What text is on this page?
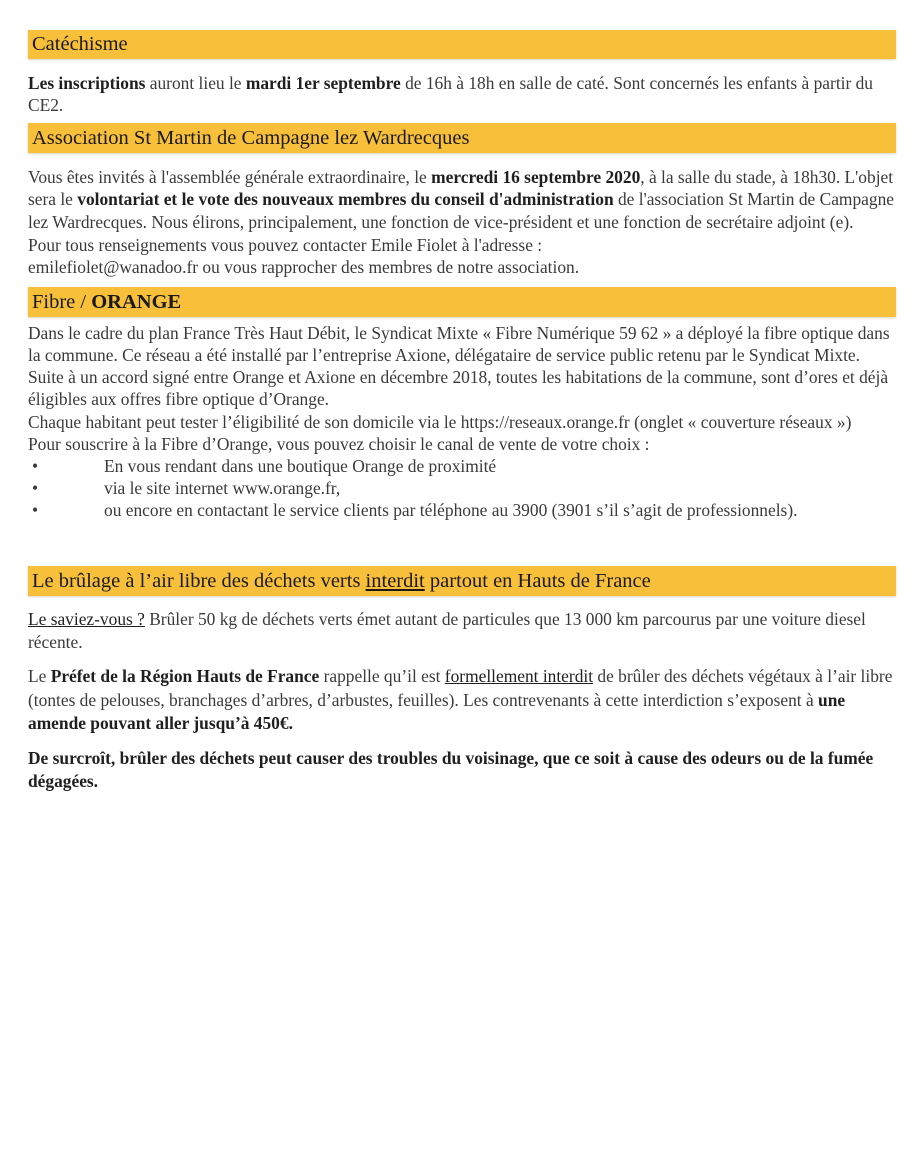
Catéchisme

Les inscriptions auront lieu le mardi 1er septembre de 16h à 18h en salle de caté. Sont concernés les enfants à partir du CE2.

Association St Martin de Campagne lez Wardrecques

Vous êtes invités à l'assemblée générale extraordinaire, le mercredi 16 septembre 2020, à la salle du stade, à 18h30. L'objet sera le volontariat et le vote des nouveaux membres du conseil d'administration de l'association St Martin de Campagne lez Wardrecques. Nous élirons, principalement, une fonction de vice-président et une fonction de secrétaire adjoint (e).

Pour tous renseignements vous pouvez contacter Emile Fiolet à l'adresse :

emilefiolet@wanadoo.fr ou vous rapprocher des membres de notre association.

Fibre / ORANGE

Dans le cadre du plan France Très Haut Débit, le Syndicat Mixte « Fibre Numérique 59 62 » a déployé la fibre optique dans la commune. Ce réseau a été installé par l’entreprise Axione, délégataire de service public retenu par le Syndicat Mixte.

Suite à un accord signé entre Orange et Axione en décembre 2018, toutes les habitations de la commune, sont d’ores et déjà éligibles aux offres fibre optique d’Orange.

Chaque habitant peut tester l’éligibilité de son domicile via le https://reseaux.orange.fr (onglet « couverture réseaux »)

Pour souscrire à la Fibre d’Orange, vous pouvez choisir le canal de vente de votre choix :

•	En vous rendant dans une boutique Orange de proximité
•	via le site internet www.orange.fr,

•	ou encore en contactant le service clients par téléphone au 3900 (3901 s’il s’agit de professionnels).

Le brûlage à l’air libre des déchets verts interdit partout en Hauts de France

Le saviez-vous ? Brûler 50 kg de déchets verts émet autant de particules que 13 000 km parcourus par une voiture diesel récente.

Le Préfet de la Région Hauts de France rappelle qu’il est formellement interdit de brûler des déchets végétaux à l’air libre (tontes de pelouses, branchages d’arbres, d’arbustes, feuilles). Les contrevenants à cette interdiction s’exposent à une amende pouvant aller jusqu’à 450€.

De surcroît, brûler des déchets peut causer des troubles du voisinage, que ce soit à cause des odeurs ou de la fumée dégagées.
